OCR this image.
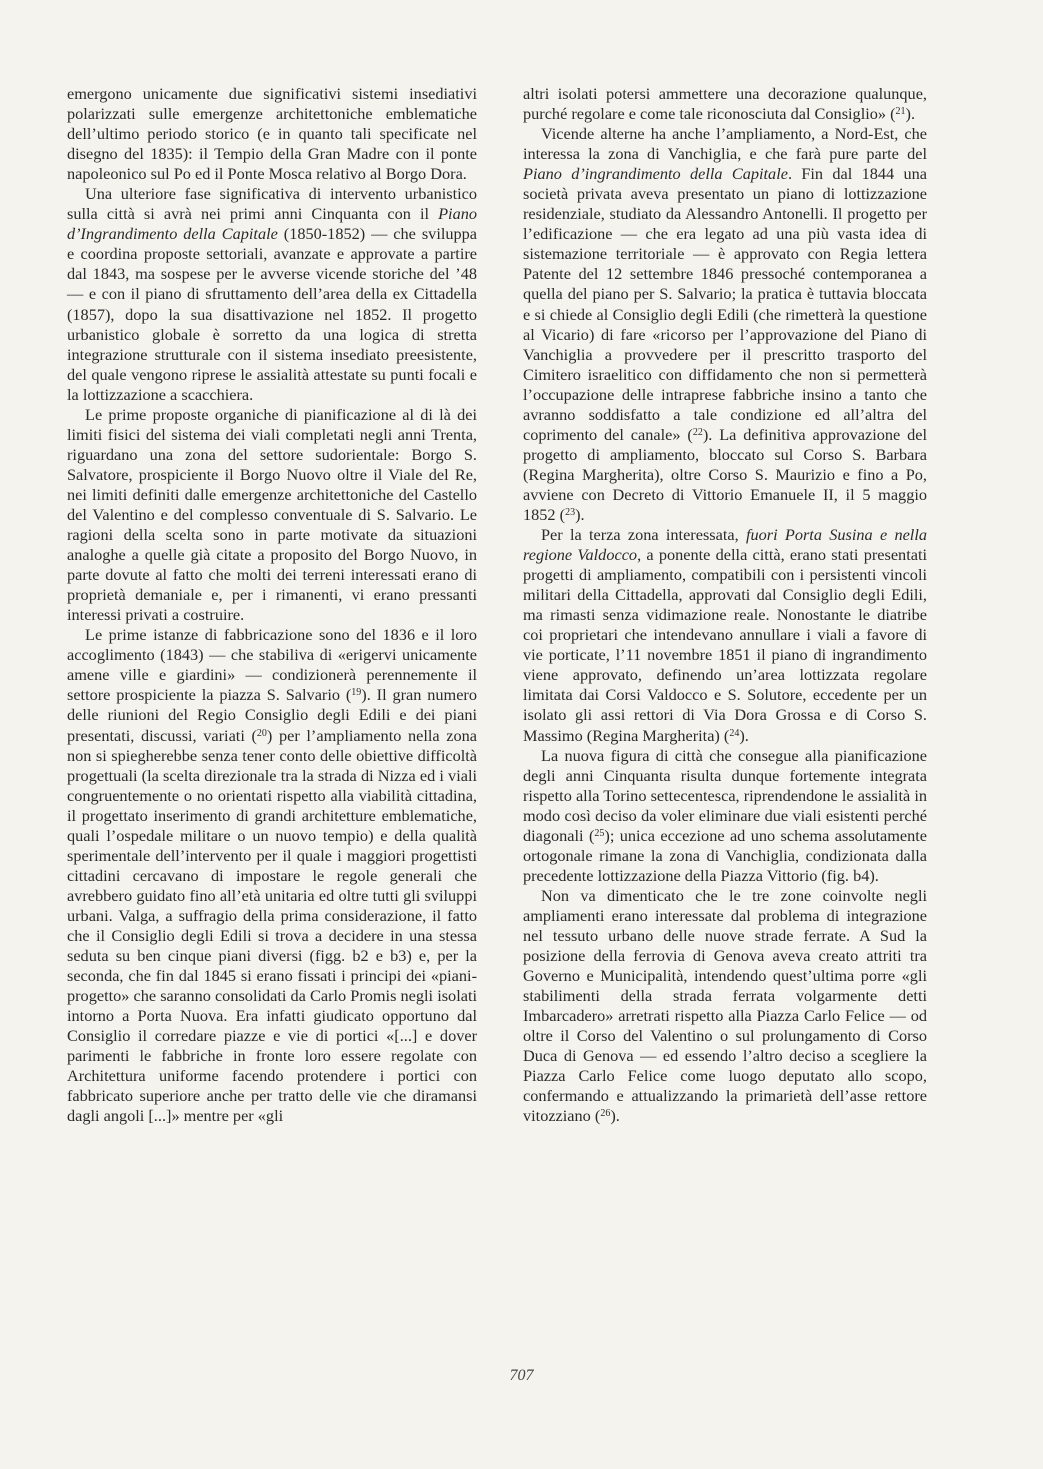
emergono unicamente due significativi sistemi insediativi polarizzati sulle emergenze architettoniche emblematiche dell’ultimo periodo storico (e in quanto tali specificate nel disegno del 1835): il Tempio della Gran Madre con il ponte napoleonico sul Po ed il Ponte Mosca relativo al Borgo Dora.

Una ulteriore fase significativa di intervento urbanistico sulla città si avrà nei primi anni Cinquanta con il Piano d’Ingrandimento della Capitale (1850-1852) — che sviluppa e coordina proposte settoriali, avanzate e approvate a partire dal 1843, ma sospese per le avverse vicende storiche del ’48 — e con il piano di sfruttamento dell’area della ex Cittadella (1857), dopo la sua disattivazione nel 1852. Il progetto urbanistico globale è sorretto da una logica di stretta integrazione strutturale con il sistema insediato preesistente, del quale vengono riprese le assialità attestate su punti focali e la lottizzazione a scacchiera.

Le prime proposte organiche di pianificazione al di là dei limiti fisici del sistema dei viali completati negli anni Trenta, riguardano una zona del settore sudorientale: Borgo S. Salvatore, prospiciente il Borgo Nuovo oltre il Viale del Re, nei limiti definiti dalle emergenze architettoniche del Castello del Valentino e del complesso conventuale di S. Salvario. Le ragioni della scelta sono in parte motivate da situazioni analoghe a quelle già citate a proposito del Borgo Nuovo, in parte dovute al fatto che molti dei terreni interessati erano di proprietà demaniale e, per i rimanenti, vi erano pressanti interessi privati a costruire.

Le prime istanze di fabbricazione sono del 1836 e il loro accoglimento (1843) — che stabiliva di «erigervi unicamente amene ville e giardini» — condizionerà perennemente il settore prospiciente la piazza S. Salvario ($^{19}$). Il gran numero delle riunioni del Regio Consiglio degli Edili e dei piani presentati, discussi, variati ($^{20}$) per l’ampliamento nella zona non si spiegherebbe senza tener conto delle obiettive difficoltà progettuali (la scelta direzionale tra la strada di Nizza ed i viali congruentemente o no orientati rispetto alla viabilità cittadina, il progettato inserimento di grandi architetture emblematiche, quali l’ospedale militare o un nuovo tempio) e della qualità sperimentale dell’intervento per il quale i maggiori progettisti cittadini cercavano di impostare le regole generali che avrebbero guidato fino all’età unitaria ed oltre tutti gli sviluppi urbani. Valga, a suffragio della prima considerazione, il fatto che il Consiglio degli Edili si trova a decidere in una stessa seduta su ben cinque piani diversi (figg. b2 e b3) e, per la seconda, che fin dal 1845 si erano fissati i principi dei «piani-progetto» che saranno consolidati da Carlo Promis negli isolati intorno a Porta Nuova. Era infatti giudicato opportuno dal Consiglio il corredare piazze e vie di portici «[...] e dover parimenti le fabbriche in fronte loro essere regolate con Architettura uniforme facendo protendere i portici con fabbricato superiore anche per tratto delle vie che diramansi dagli angoli [...]» mentre per «gli

altri isolati potersi ammettere una decorazione qualunque, purché regolare e come tale riconosciuta dal Consiglio» ($^{21}$).

Vicende alterne ha anche l’ampliamento, a Nord-Est, che interessa la zona di Vanchiglia, e che farà pure parte del Piano d’ingrandimento della Capitale. Fin dal 1844 una società privata aveva presentato un piano di lottizzazione residenziale, studiato da Alessandro Antonelli. Il progetto per l’edificazione — che era legato ad una più vasta idea di sistemazione territoriale — è approvato con Regia lettera Patente del 12 settembre 1846 pressoché contemporanea a quella del piano per S. Salvario; la pratica è tuttavia bloccata e si chiede al Consiglio degli Edili (che rimetterà la questione al Vicario) di fare «ricorso per l’approvazione del Piano di Vanchiglia a provvedere per il prescritto trasporto del Cimitero israelitico con diffidamento che non si permetterà l’occupazione delle intraprese fabbriche insino a tanto che avranno soddisfatto a tale condizione ed all’altra del coprimento del canale» ($^{22}$). La definitiva approvazione del progetto di ampliamento, bloccato sul Corso S. Barbara (Regina Margherita), oltre Corso S. Maurizio e fino a Po, avviene con Decreto di Vittorio Emanuele II, il 5 maggio 1852 ($^{23}$).

Per la terza zona interessata, fuori Porta Susina e nella regione Valdocco, a ponente della città, erano stati presentati progetti di ampliamento, compatibili con i persistenti vincoli militari della Cittadella, approvati dal Consiglio degli Edili, ma rimasti senza vidimazione reale. Nonostante le diatribe coi proprietari che intendevano annullare i viali a favore di vie porticate, l’11 novembre 1851 il piano di ingrandimento viene approvato, definendo un’area lottizzata regolare limitata dai Corsi Valdocco e S. Solutore, eccedente per un isolato gli assi rettori di Via Dora Grossa e di Corso S. Massimo (Regina Margherita) ($^{24}$).

La nuova figura di città che consegue alla pianificazione degli anni Cinquanta risulta dunque fortemente integrata rispetto alla Torino settecentesca, riprendendone le assialità in modo così deciso da voler eliminare due viali esistenti perché diagonali ($^{25}$); unica eccezione ad uno schema assolutamente ortogonale rimane la zona di Vanchiglia, condizionata dalla precedente lottizzazione della Piazza Vittorio (fig. b4).

Non va dimenticato che le tre zone coinvolte negli ampliamenti erano interessate dal problema di integrazione nel tessuto urbano delle nuove strade ferrate. A Sud la posizione della ferrovia di Genova aveva creato attriti tra Governo e Municipalità, intendendo quest’ultima porre «gli stabilimenti della strada ferrata volgarmente detti Imbarcadero» arretrati rispetto alla Piazza Carlo Felice — od oltre il Corso del Valentino o sul prolungamento di Corso Duca di Genova — ed essendo l’altro deciso a scegliere la Piazza Carlo Felice come luogo deputato allo scopo, confermando e attualizzando la primarietà dell’asse rettore vitozziano ($^{26}$).

707
